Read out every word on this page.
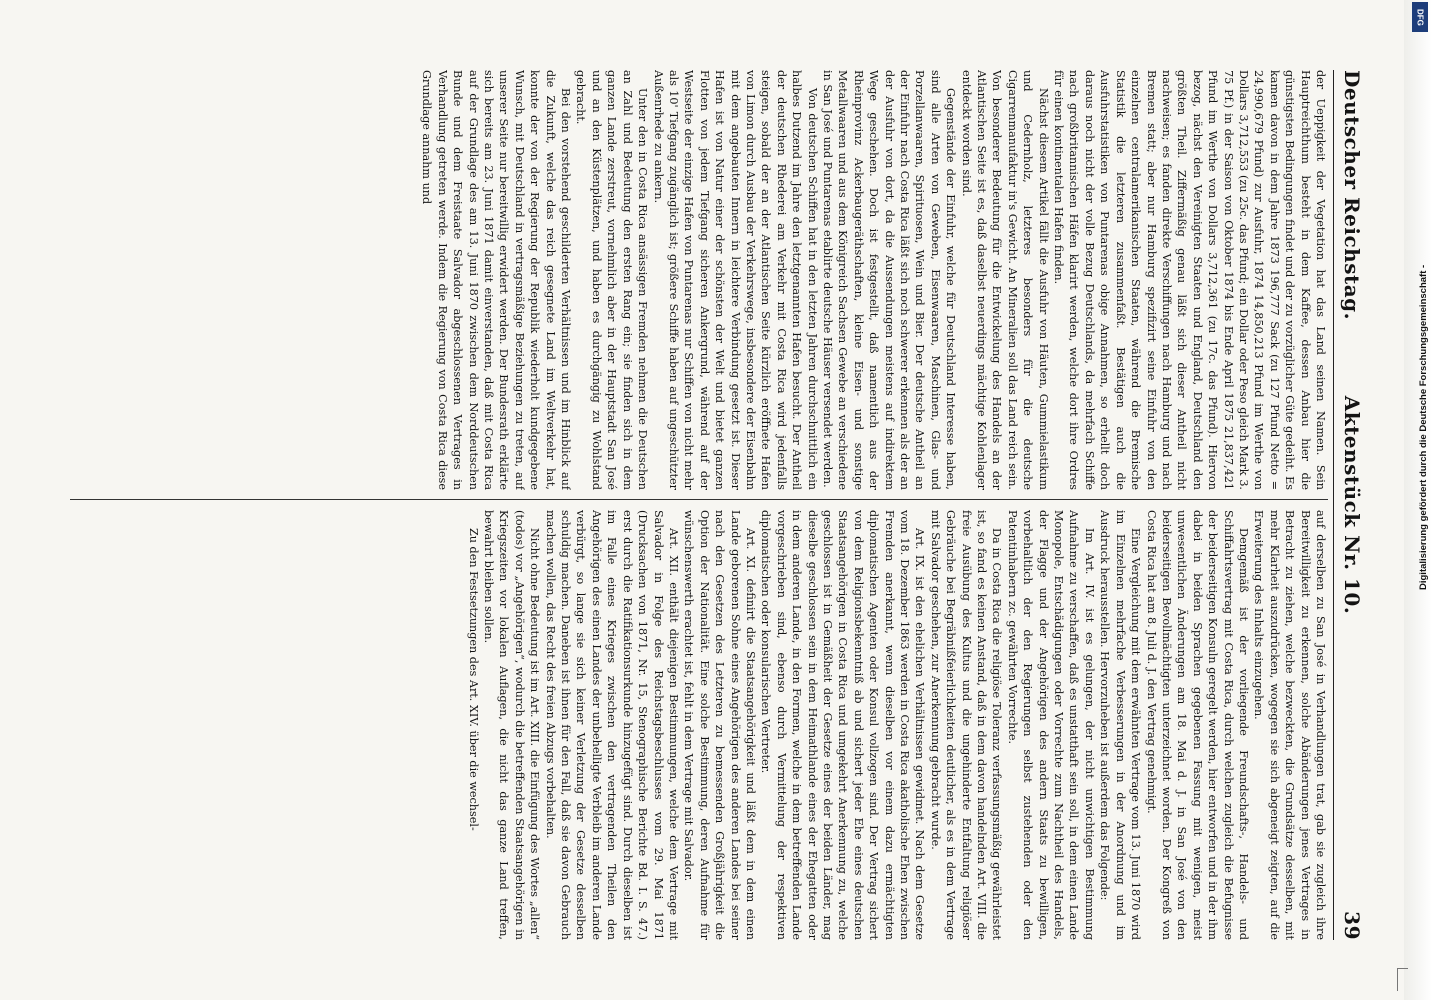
Deutscher Reichstag.
Aktenstück Nr. 10.
39

der Ueppigkeit der Vegetation hat das Land seinen Namen. Sein Hauptreichthum besteht in dem Kaffee, dessen Anbau hier die günstigsten Bedingungen findet und der zu vorzüglicher Güte gedeiht. Es kamen davon in dem Jahre 1873 196,777 Sack (zu 127 Pfund Netto = 24,990,679 Pfund) zur Ausfuhr, 1874 14,850,213 Pfund im Werthe von Dollars 3,712,553 (zu 25c. das Pfund; ein Dollar oder Peso gleich Mark 3. 75 Pf.) in der Saison von Oktober 1874 bis Ende April 1875 21,837,421 Pfund im Werthe von Dollars 3,712,361 (zu 17c. das Pfund). Hiervon bezog, nächst den Vereinigten Staaten und England, Deutschland den größten Theil. Ziffermäßig genau läßt sich dieser Antheil nicht nachweisen; es fanden direkte Verschiffungen nach Hamburg und nach Bremen statt; aber nur Hamburg spezifizirt seine Einfuhr von den einzelnen centralamerikanischen Staaten, während die Bremische Statistik die letzteren zusammenfaßt. Bestätigen auch die Ausfuhrstatistiken von Puntarenas obige Annahmen, so erhellt doch daraus noch nicht der volle Bezug Deutschlands, da mehrfach Schiffe nach großbritannischen Häfen klarirt werden, welche dort ihre Ordres für einen kontinentalen Hafen finden.

Nächst diesem Artikel fällt die Ausfuhr von Häuten, Gummielastikum und Cedernholz, letzteres besonders für die deutsche Cigarrenmanufaktur in's Gewicht. An Mineralien soll das Land reich sein. Von besonderer Bedeutung für die Entwickelung des Handels an der Atlantischen Seite ist es, daß daselbst neuerdings mächtige Kohlenlager entdeckt worden sind.

Gegenstände der Einfuhr, welche für Deutschland Interesse haben, sind alle Arten von Geweben, Eisenwaaren, Maschinen, Glas- und Porzellanwaaren, Spirituosen, Wein und Bier. Der deutsche Antheil an der Einfuhr nach Costa Rica läßt sich noch schwerer erkennen als der an der Ausfuhr von dort, da die Aussendungen meistens auf indirektem Wege geschehen. Doch ist festgestellt, daß namentlich aus der Rheinprovinz Ackerbaugeräthschaften, kleine Eisen- und sonstige Metallwaaren und aus dem Königreich Sachsen Gewebe an verschiedene in San José und Puntarenas etablirte deutsche Häuser versendet werden.

Von deutschen Schiffen hat in den letzten Jahren durchschnittlich ein halbes Dutzend im Jahre den letztgenannten Hafen besucht. Der Antheil der deutschen Rhederei am Verkehr mit Costa Rica wird jedenfalls steigen, sobald der an der Atlantischen Seite kürzlich eröffnete Hafen von Limon durch Ausbau der Verkehrswege, insbesondere der Eisenbahn mit dem angebauten Innern in leichtere Verbindung gesetzt ist. Dieser Hafen ist von Natur einer der schönsten der Welt und bietet ganzen Flotten von jedem Tiefgang sicheren Ankergrund, während auf der Westseite der einzige Hafen von Puntarenas nur Schiffen von nicht mehr als 10' Tiefgang zugänglich ist; größere Schiffe haben auf ungeschützter Außenrhede zu ankern.

Unter den in Costa Rica ansässigen Fremden nehmen die Deutschen an Zahl und Bedeutung den ersten Rang ein; sie finden sich in dem ganzen Lande zerstreut, vornehmlich aber in der Hauptstadt San José und an den Küstenplätzen, und haben es durchgängig zu Wohlstand gebracht.

Bei den vorstehend geschilderten Verhältnissen und im Hinblick auf die Zukunft, welche das reich gesegnete Land im Weltverkehr hat, konnte der von der Regierung der Republik wiederholt kundgegebene Wunsch, mit Deutschland in vertragsmäßige Beziehungen zu treten, auf unserer Seite nur bereitwillig erwidert werden. Der Bundesrath erklärte sich bereits am 23. Juni 1871 damit einverstanden, daß mit Costa Rica auf der Grundlage des am 13. Juni 1870 zwischen dem Norddeutschen Bunde und dem Freistaate Salvador abgeschlossenen Vertrages in Verhandlung getreten werde. Indem die Regierung von Costa Rica diese Grundlage annahm und

auf derselben zu San José in Verhandlungen trat, gab sie zugleich ihre Bereitwilligkeit zu erkennen, solche Abänderungen jenes Vertrages in Betracht zu ziehen, welche bezweckten, die Grundsätze desselben, mit mehr Klarheit auszudrücken, wogegen sie sich abgeneigt zeigten, auf die Erweiterung des Inhalts einzugehen.

Demgemäß ist der vorliegende Freundschafts-, Handels- und Schiffahrtsvertrag mit Costa Rica, durch welchen zugleich die Befugnisse der beiderseitigen Konsuln geregelt werden, hier entworfen und in der ihm dabei in beiden Sprachen gegebenen Fassung mit wenigen, meist unwesentlichen Änderungen am 18. Mai d. J. in San José von den beiderseitigen Bevollmächtigten unterzeichnet worden. Der Kongreß von Costa Rica hat am 8. Juli d. J. den Vertrag genehmigt.

Eine Vergleichung mit dem erwähnten Vertrage vom 13. Juni 1870 wird im Einzelnen mehrfache Verbesserungen in der Anordnung und im Ausdruck herausstellen. Hervorzuheben ist außerdem das Folgende:

Im Art. IV. ist es gelungen, der nicht unwichtigen Bestimmung Aufnahme zu verschaffen, daß es unstatthaft sein soll, in dem einen Lande Monopole, Entschädigungen oder Vorrechte zum Nachtheil des Handels, der Flagge und der Angehörigen des andern Staats zu bewilligen, vorbehaltlich der den Regierungen selbst zustehenden oder den Patentinhabern zc. gewährten Vorrechte.

Da in Costa Rica die religiöse Toleranz verfassungsmäßig gewährleistet ist, so fand es keinen Anstand, daß in dem davon handelnden Art. VIII. die freie Ausübung des Kultus und die ungehinderte Entfaltung religiöser Gebräuche bei Begräbnißfeierlichkeiten deutlicher, als es in dem Vertrage mit Salvador geschehen, zur Anerkennung gebracht wurde.

Art. IX. ist den ehelichen Verhältnissen gewidmet. Nach dem Gesetze vom 18. Dezember 1863 werden in Costa Rica akatholische Ehen zwischen Fremden anerkannt, wenn dieselben vor einem dazu ermächtigten diplomatischen Agenten oder Konsul vollzogen sind. Der Vertrag sichert von dem Religionsbekenntniß ab und sichert jeder Ehe eines deutschen Staatsangehörigen in Costa Rica und umgekehrt Anerkennung zu, welche geschlossen ist in Gemäßheit der Gesetze eines der beiden Länder, mag dieselbe geschlossen sein in dem Heimathlande eines der Ehegatten oder in dem anderen Lande, in den Formen, welche in dem betreffenden Lande vorgeschrieben sind, ebenso durch Vermittelung der respektiven diplomatischen oder konsularischen Vertreter.

Art. XI. definirt die Staatsangehörigkeit und läßt dem in dem einen Lande geborenen Sohne eines Angehörigen des anderen Landes bei seiner nach den Gesetzen des Letzteren zu bemessenden Großjährigkeit die Option der Nationalität. Eine solche Bestimmung, deren Aufnahme für wünschenswerth erachtet ist, fehlt in dem Vertrage mit Salvador.

Art. XII. enthält diejenigen Bestimmungen, welche dem Vertrage mit Salvador in Folge des Reichstagsbeschlusses vom 29. Mai 1871 (Drucksachen von 1871, Nr. 15, Stenographische Berichte Bd. I. S. 47.) erst durch die Ratifikationsurkunde hinzugefügt sind. Durch dieselben ist im Falle eines Krieges zwischen den vertragenden Theilen den Angehörigen des einen Landes der unbehelligte Verbleib im anderen Lande verbürgt, so lange sie sich keiner Verletzung der Gesetze desselben schuldig machen. Daneben ist ihnen für den Fall, daß sie davon Gebrauch machen wollen, das Recht des freien Abzugs vorbehalten.

Nicht ohne Bedeutung ist im Art. XIII. die Einfügung des Wortes „allen“ (todos) vor „Angehörigen“, wodurch die betreffenden Staatsangehörigen in Kriegszeiten vor lokalen Auflagen, die nicht das ganze Land treffen, bewahrt bleiben sollen.

Zu den Festsetzungen des Art. XIV. über die wechsel-

DFG
Digitalisierung gefördert durch die Deutsche Forschungsgemeinschaft -
